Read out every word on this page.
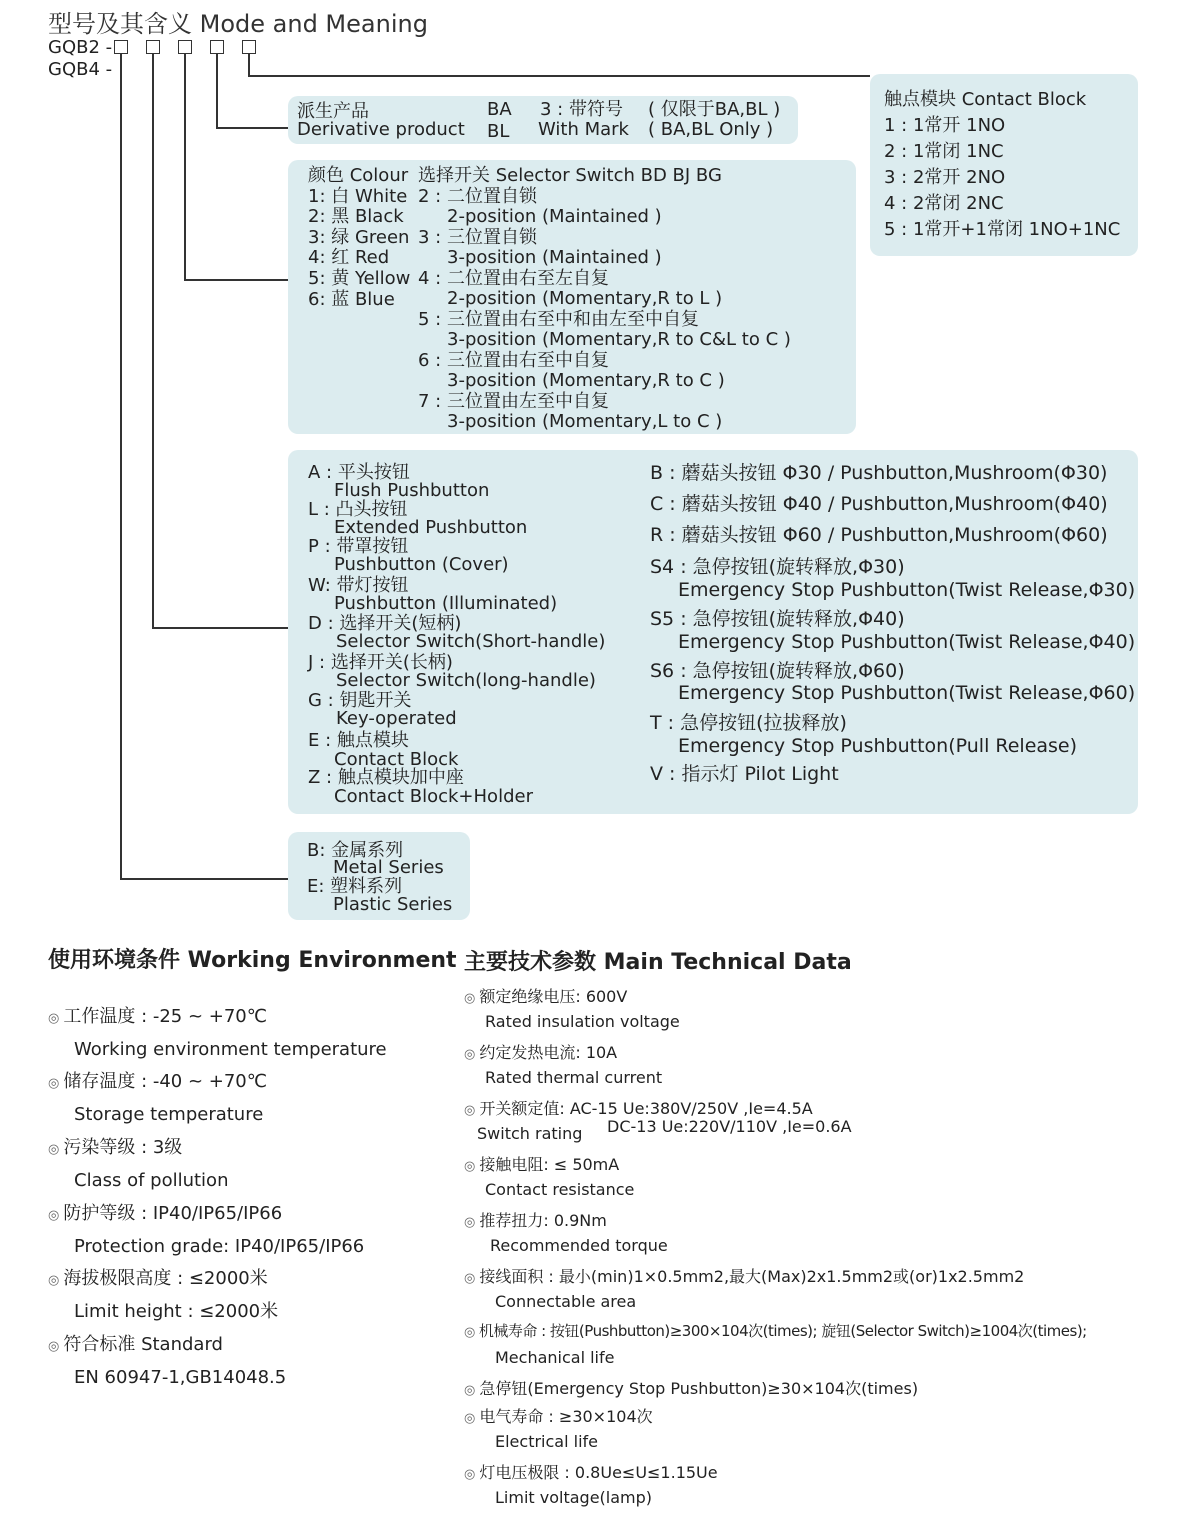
型号及其含义 Mode and Meaning
GQB2 -
GQB4 -
派生产品
Derivative product
BA
BL
3 : 带符号
With Mark
( 仅限于BA,BL )
( BA,BL Only )
触点模块 Contact Block
1 : 1常开 1NO
2 : 1常闭 1NC
3 : 2常开 2NO
4 : 2常闭 2NC
5 : 1常开+1常闭 1NO+1NC
颜色 Colour 选择开关 Selector Switch BD BJ BG
1: 白 White
2: 黑 Black
3: 绿 Green
4: 红 Red
5: 黄 Yellow
6: 蓝 Blue
2 : 二位置自锁
2-position (Maintained )
3 : 三位置自锁
3-position (Maintained )
4 : 二位置由右至左自复
2-position (Momentary,R to L )
5 : 三位置由右至中和由左至中自复
3-position (Momentary,R to C&L to C )
6 : 三位置由右至中自复
3-position (Momentary,R to C )
7 : 三位置由左至中自复
3-position (Momentary,L to C )
A : 平头按钮
Flush Pushbutton
L : 凸头按钮
Extended Pushbutton
P : 带罩按钮
Pushbutton (Cover)
W: 带灯按钮
Pushbutton (Illuminated)
D : 选择开关(短柄)
Selector Switch(Short-handle)
J : 选择开关(长柄)
Selector Switch(long-handle)
G : 钥匙开关
Key-operated
E : 触点模块
Contact Block
Z : 触点模块加中座
Contact Block+Holder
B : 蘑菇头按钮 Φ30 / Pushbutton,Mushroom(Φ30)
C : 蘑菇头按钮 Φ40 / Pushbutton,Mushroom(Φ40)
R : 蘑菇头按钮 Φ60 / Pushbutton,Mushroom(Φ60)
S4 : 急停按钮(旋转释放,Φ30)
Emergency Stop Pushbutton(Twist Release,Φ30)
S5 : 急停按钮(旋转释放,Φ40)
Emergency Stop Pushbutton(Twist Release,Φ40)
S6 : 急停按钮(旋转释放,Φ60)
Emergency Stop Pushbutton(Twist Release,Φ60)
T : 急停按钮(拉拔释放)
Emergency Stop Pushbutton(Pull Release)
V : 指示灯 Pilot Light
B: 金属系列
Metal Series
E: 塑料系列
Plastic Series
使用环境条件 Working Environment
◎ 工作温度 : -25 ~ +70℃
Working environment temperature
◎ 储存温度 : -40 ~ +70℃
Storage temperature
◎ 污染等级 : 3级
Class of pollution
◎ 防护等级 : IP40/IP65/IP66
Protection grade: IP40/IP65/IP66
◎ 海拔极限高度 : ≤2000米
Limit height : ≤2000米
◎ 符合标准 Standard
EN 60947-1,GB14048.5
主要技术参数 Main Technical Data
◎ 额定绝缘电压: 600V
Rated insulation voltage
◎ 约定发热电流: 10A
Rated thermal current
◎ 开关额定值: AC-15 Ue:380V/250V ,Ie=4.5A
Switch rating DC-13 Ue:220V/110V ,Ie=0.6A
◎ 接触电阻: ≤ 50mA
Contact resistance
◎ 推荐扭力: 0.9Nm
Recommended torque
◎ 接线面积 : 最小(min)1×0.5mm2,最大(Max)2x1.5mm2或(or)1x2.5mm2
Connectable area
◎ 机械寿命 : 按钮(Pushbutton)≥300×104次(times); 旋钮(Selector Switch)≥1004次(times);
Mechanical life
◎ 急停钮(Emergency Stop Pushbutton)≥30×104次(times)
◎ 电气寿命 : ≥30×104次
Electrical life
◎ 灯电压极限 : 0.8Ue≤U≤1.15Ue
Limit voltage(lamp)
